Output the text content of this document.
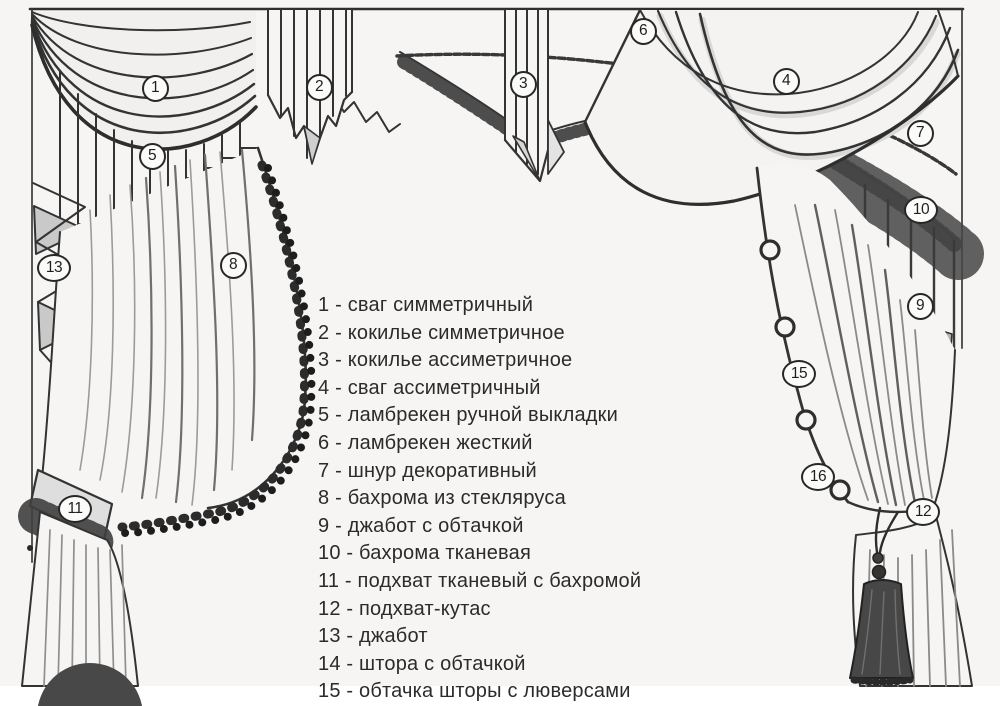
1	2	3	4
5
6
7
8
9
10
11	12
13
15
16
1 - сваг симметричный
2 - кокилье симметричное
3 - кокилье ассиметричное
4 - сваг ассиметричный
5 - ламбрекен ручной выкладки
6 - ламбрекен жесткий
7 - шнур декоративный
8 - бахрома из стекляруса
9 - джабот с обтачкой
10 - бахрома тканевая
11 - подхват тканевый с бахромой
12 - подхват-кутас
13 - джабот
14 - штора с обтачкой
15 - обтачка шторы с люверсами
